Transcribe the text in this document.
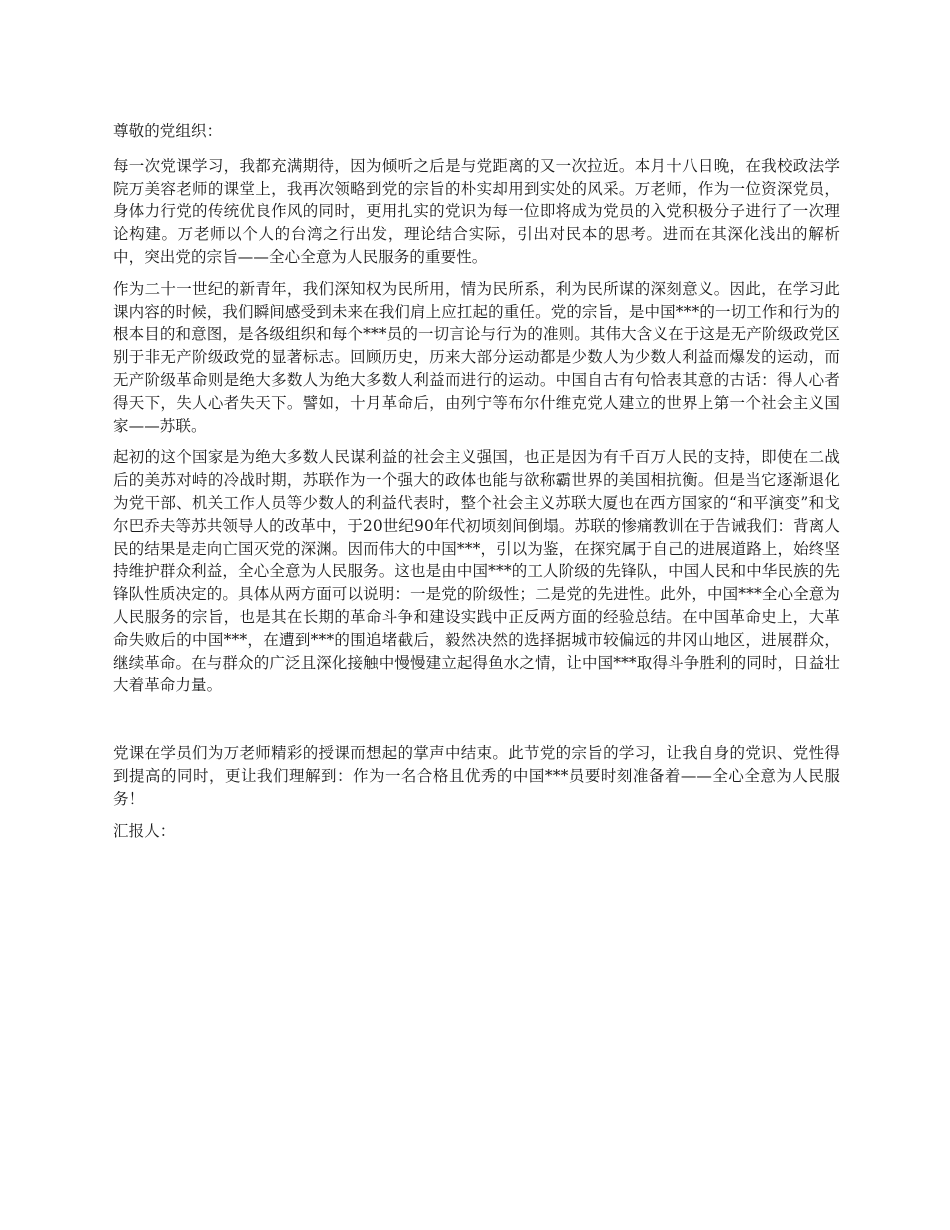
尊敬的党组织：

每一次党课学习，我都充满期待，因为倾听之后是与党距离的又一次拉近。本月十八日晚，在我校政法学院万美容老师的课堂上，我再次领略到党的宗旨的朴实却用到实处的风采。万老师，作为一位资深党员，身体力行党的传统优良作风的同时，更用扎实的党识为每一位即将成为党员的入党积极分子进行了一次理论构建。万老师以个人的台湾之行出发，理论结合实际，引出对民本的思考。进而在其深化浅出的解析中，突出党的宗旨——全心全意为人民服务的重要性。

作为二十一世纪的新青年，我们深知权为民所用，情为民所系，利为民所谋的深刻意义。因此，在学习此课内容的时候，我们瞬间感受到未来在我们肩上应扛起的重任。党的宗旨，是中国***的一切工作和行为的根本目的和意图，是各级组织和每个***员的一切言论与行为的准则。其伟大含义在于这是无产阶级政党区别于非无产阶级政党的显著标志。回顾历史，历来大部分运动都是少数人为少数人利益而爆发的运动，而无产阶级革命则是绝大多数人为绝大多数人利益而进行的运动。中国自古有句恰表其意的古话：得人心者得天下，失人心者失天下。譬如，十月革命后，由列宁等布尔什维克党人建立的世界上第一个社会主义国家——苏联。

起初的这个国家是为绝大多数人民谋利益的社会主义强国，也正是因为有千百万人民的支持，即使在二战后的美苏对峙的冷战时期，苏联作为一个强大的政体也能与欲称霸世界的美国相抗衡。但是当它逐渐退化为党干部、机关工作人员等少数人的利益代表时，整个社会主义苏联大厦也在西方国家的“和平演变”和戈尔巴乔夫等苏共领导人的改革中，于20世纪90年代初顷刻间倒塌。苏联的惨痛教训在于告诫我们：背离人民的结果是走向亡国灭党的深渊。因而伟大的中国***，引以为鉴，在探究属于自己的进展道路上，始终坚持维护群众利益，全心全意为人民服务。这也是由中国***的工人阶级的先锋队，中国人民和中华民族的先锋队性质决定的。具体从两方面可以说明：一是党的阶级性；二是党的先进性。此外，中国***全心全意为人民服务的宗旨，也是其在长期的革命斗争和建设实践中正反两方面的经验总结。在中国革命史上，大革命失败后的中国***，在遭到***的围追堵截后，毅然决然的选择据城市较偏远的井冈山地区，进展群众，继续革命。在与群众的广泛且深化接触中慢慢建立起得鱼水之情，让中国***取得斗争胜利的同时，日益壮大着革命力量。

党课在学员们为万老师精彩的授课而想起的掌声中结束。此节党的宗旨的学习，让我自身的党识、党性得到提高的同时，更让我们理解到：作为一名合格且优秀的中国***员要时刻准备着——全心全意为人民服务！

汇报人：
